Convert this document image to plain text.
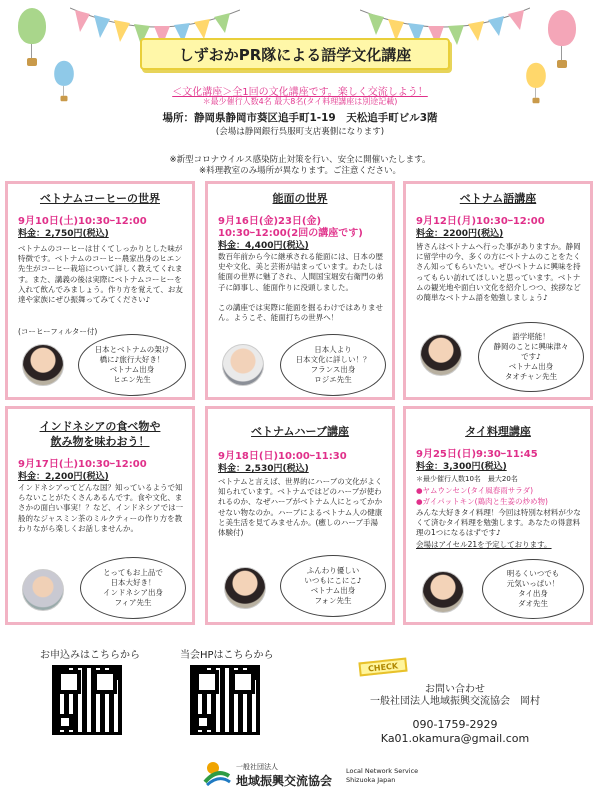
しずおかPR隊による語学文化講座
＜文化講座＞全1回の文化講座です。楽しく交流しよう！
＊最少催行人数4名 最大8名(タイ料理講座は別途記載)
場所：静岡県静岡市葵区追手町1-19　天松追手町ビル3階
(会場は静岡銀行呉服町支店裏側になります)
※新型コロナウイルス感染防止対策を行い、安全に開催いたします。
※料理教室のみ場所が異なります。ご注意ください。
ベトナムコーヒーの世界
9月10日(土)10:30ｰ12:00
料金：2,750円(税込)
ベトナムのコーヒーは甘くてしっかりとした味が特徴です。ベトナムのコーヒー農家出身のヒエン先生がコーヒー栽培について詳しく教えてくれます。また、講義の後は実際にベトナムコーヒーを入れて飲んでみましょう。作り方を覚えて、お友達や家族にぜひ振舞ってみてください♪
(コーヒーフィルター付)
日本とベトナムの架け
橋に♪旅行大好き！
ベトナム出身
ヒエン先生
能面の世界
9月16日(金)23日(金)
10:30ｰ12:00(2回の講座です)
料金：4,400円(税込)
数百年前から今に継承される能面には、日本の歴史や文化、美と芸術が詰まっています。わたしは能面の世界に魅了され、人間国宝堀安右衛門の弟子に師事し、能面作りに没頭しました。
この講座では実際に能面を掘るわけではありません。ようこそ、能面打ちの世界へ！
日本人より
日本文化に詳しい！？
フランス出身
ロジエ先生
ベトナム語講座
9月12日(月)10:30ｰ12:00
料金：2200円(税込)
皆さんはベトナムへ行った事がありますか。静岡に留学中の今、多くの方にベトナムのことをたくさん知ってもらいたい。ぜひベトナムに興味を持ってもらい訪れてほしいと思っています。ベトナムの観光地や面白い文化を紹介しつつ、挨拶などの簡単なベトナム語を勉強しましょう♪
語学堪能！
静岡のことに興味津々
です♪
ベトナム出身
タオチャン先生
インドネシアの食べ物や
飲み物を味わおう！
9月17日(土)10:30ｰ12:00
料金：2,200円(税込)
インドネシアってどんな国？知っているようで知らないことがたくさんあるんです。食や文化、まさかの面白い事実！？など、インドネシアでは一般的なジャスミン茶のミルクティーの作り方を教わりながら楽しくお話しませんか。
とってもお上品で
日本大好き！
インドネシア出身
フィア先生
ベトナムハーブ講座
9月18日(日)10:00ｰ11:30
料金：2,530円(税込)
ベトナムと言えば、世界的にハーブの文化がよく知られています。ベトナムではどのハーブが使われるのか、なぜハーブがベトナム人にとってかかせない物なのか。ハーブによるベトナム人の健康と美生活を見てみませんか。(癒しのハーブ手湯体験付)
ふんわり優しい
いつもにこにこ♪
ベトナム出身
フォン先生
タイ料理講座
9月25日(日)9:30ｰ11:45
料金：3,300円(税込)
＊最少催行人数10名　最大20名
●ヤムウンセン(タイ風春雨サラダ)
●ガイパットキン(鶏肉と生姜の炒め物)
みんな大好きタイ料理！今回は特別な材料が少なくて済むタイ料理を勉強します。あなたの得意料理の1つになるはずです♪
会場はアイセル21を予定しております。
明るくいつでも
元気いっぱい！
タイ出身
ダオ先生
お申込みはこちらから	当会HPはこちらから
CHECK
お問い合わせ
一般社団法人地域振興交流協会　岡村
090-1759-2929
Ka01.okamura@gmail.com
一般社団法人
地域振興交流協会
Local Network Service
Shizuoka Japan
